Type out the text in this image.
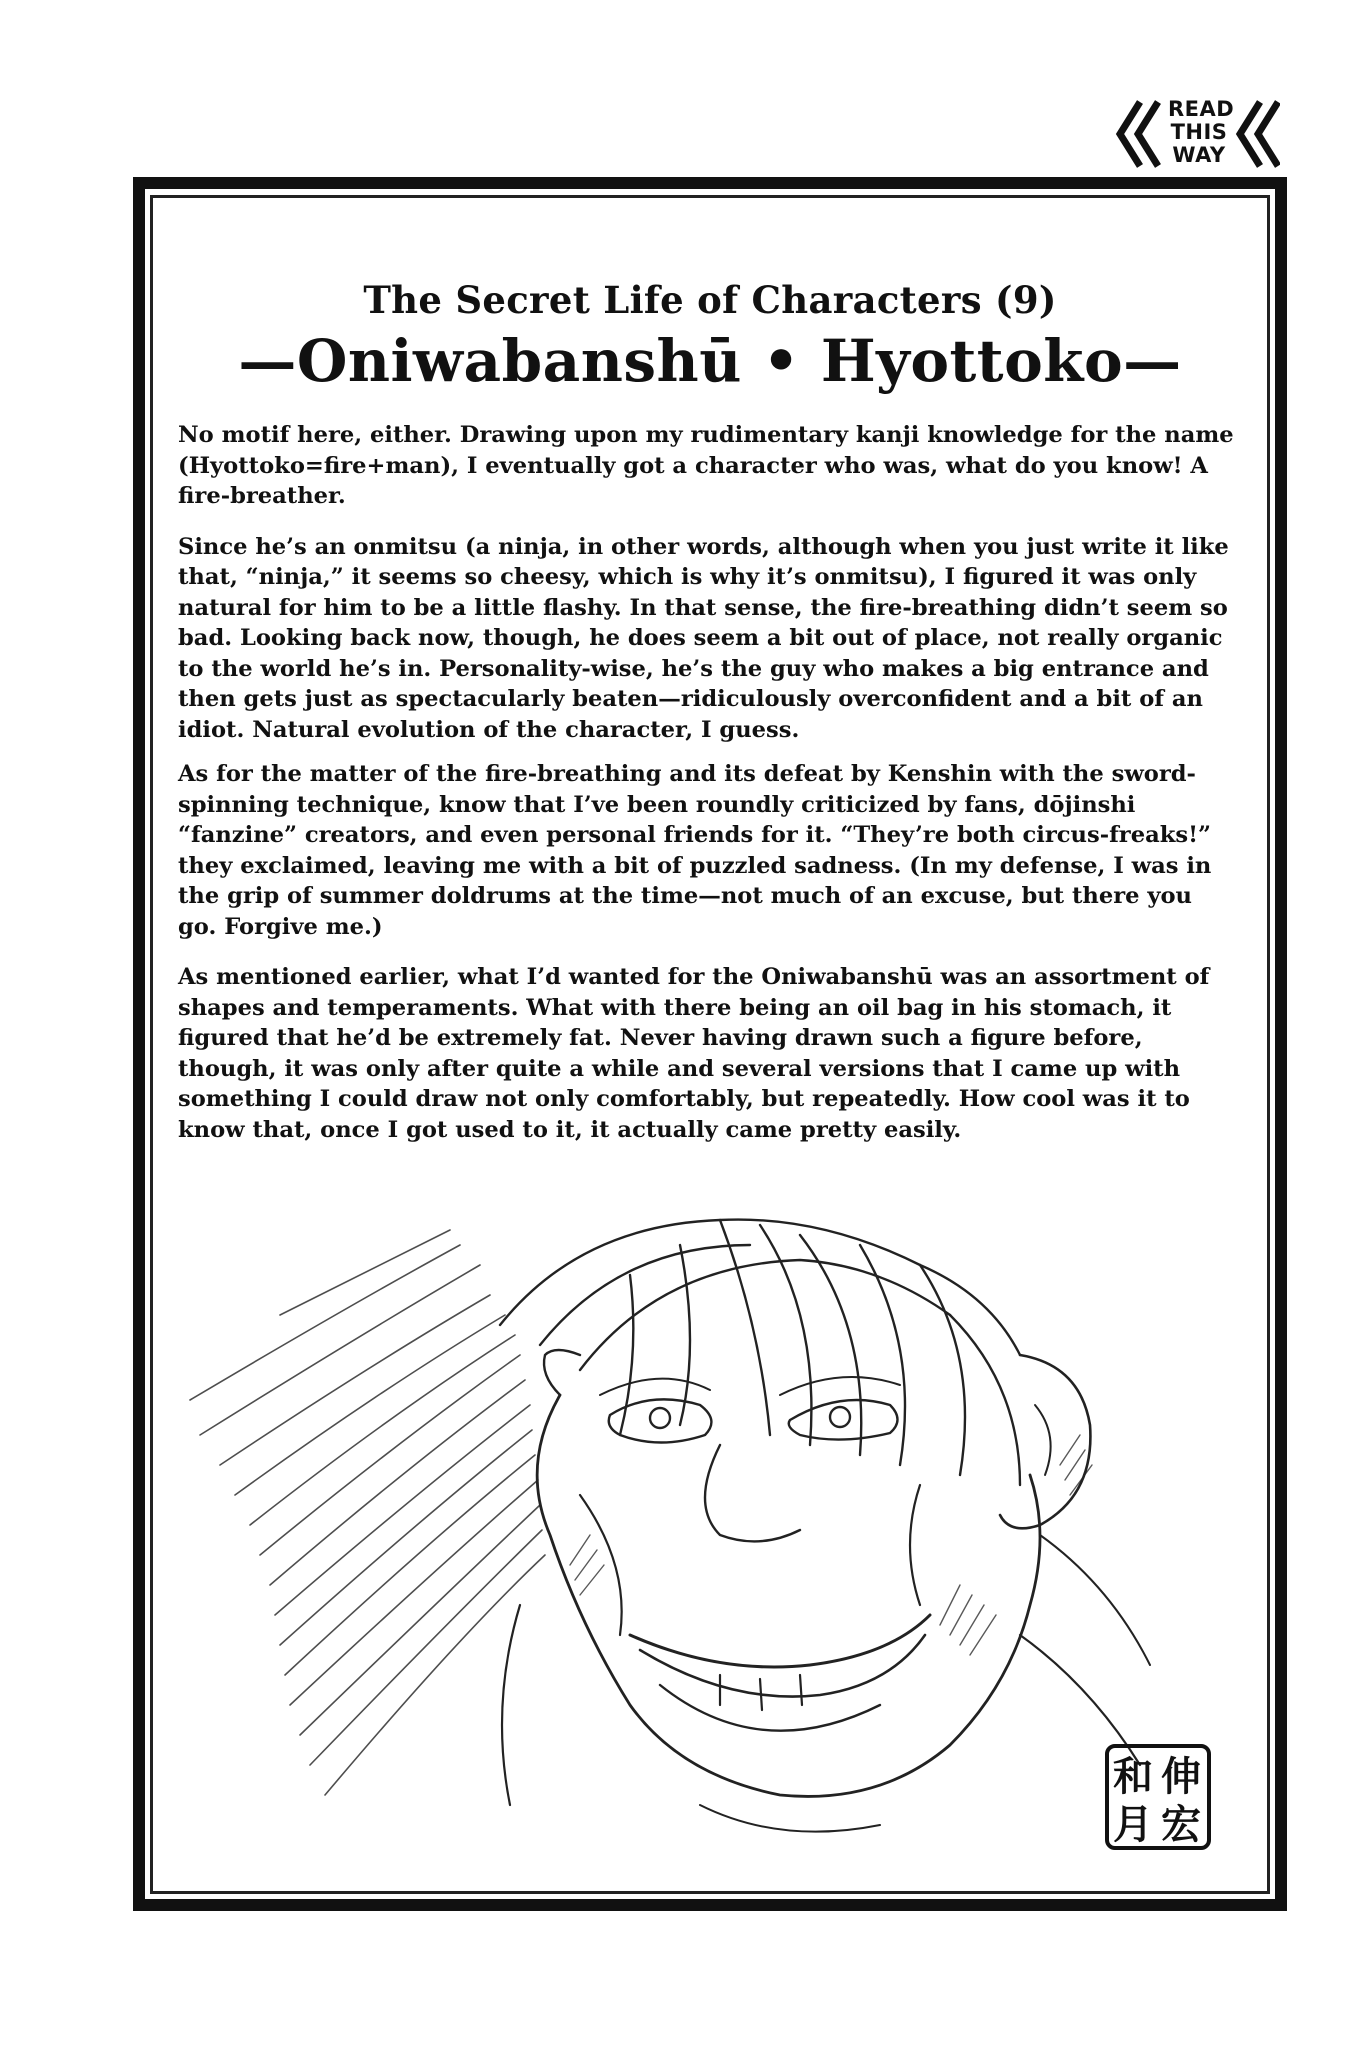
READ
THIS
WAY
The Secret Life of Characters (9)
—Oniwabanshū • Hyottoko—

No motif here, either. Drawing upon my rudimentary kanji knowledge for the name (Hyottoko=fire+man), I eventually got a character who was, what do you know! A fire-breather.

Since he’s an onmitsu (a ninja, in other words, although when you just write it like that, “ninja,” it seems so cheesy, which is why it’s onmitsu), I figured it was only natural for him to be a little flashy. In that sense, the fire-breathing didn’t seem so bad. Looking back now, though, he does seem a bit out of place, not really organic to the world he’s in. Personality-wise, he’s the guy who makes a big entrance and then gets just as spectacularly beaten—ridiculously overconfident and a bit of an idiot. Natural evolution of the character, I guess.

As for the matter of the fire-breathing and its defeat by Kenshin with the sword-spinning technique, know that I’ve been roundly criticized by fans, dōjinshi “fanzine” creators, and even personal friends for it. “They’re both circus-freaks!” they exclaimed, leaving me with a bit of puzzled sadness. (In my defense, I was in the grip of summer doldrums at the time—not much of an excuse, but there you go. Forgive me.)

As mentioned earlier, what I’d wanted for the Oniwabanshū was an assortment of shapes and temperaments. What with there being an oil bag in his stomach, it figured that he’d be extremely fat. Never having drawn such a figure before, though, it was only after quite a while and several versions that I came up with something I could draw not only comfortably, but repeatedly. How cool was it to know that, once I got used to it, it actually came pretty easily.

伸
宏
和
月
